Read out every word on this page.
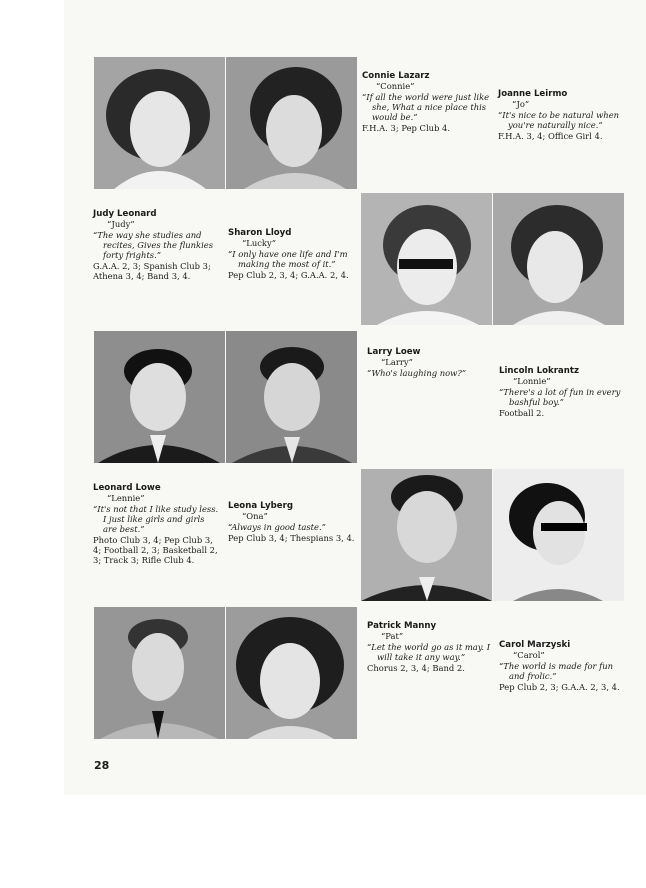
Connie Lazarz
“Connie”
“If all the world were just like she, What a nice place this would be.”
F.H.A. 3; Pep Club 4.
Joanne Leirmo
“Jo”
“It's nice to be natural when you're naturally nice.”
F.H.A. 3, 4; Office Girl 4.
Judy Leonard
“Judy”
“The way she studies and recites, Gives the flunkies forty frights.”
G.A.A. 2, 3; Spanish Club 3; Athena 3, 4; Band 3, 4.
Sharon Lloyd
“Lucky”
“I only have one life and I'm making the most of it.”
Pep Club 2, 3, 4; G.A.A. 2, 4.
Larry Loew
“Larry”
“Who's laughing now?”	Lincoln Lokrantz
“Lonnie”
“There's a lot of fun in every bashful boy.”
Football 2.
Leonard Lowe
“Lennie”
“It's not that I like study less. I just like girls and girls are best.”
Photo Club 3, 4; Pep Club 3, 4; Football 2, 3; Basketball 2, 3; Track 3; Rifle Club 4.
Leona Lyberg
“Ona”
“Always in good taste.”
Pep Club 3, 4; Thespians 3, 4.
Patrick Manny
“Pat”
“Let the world go as it may. I will take it any way.”
Chorus 2, 3, 4; Band 2.
Carol Marzyski
“Carol”
“The world is made for fun and frolic.”
Pep Club 2, 3; G.A.A. 2, 3, 4.
28
